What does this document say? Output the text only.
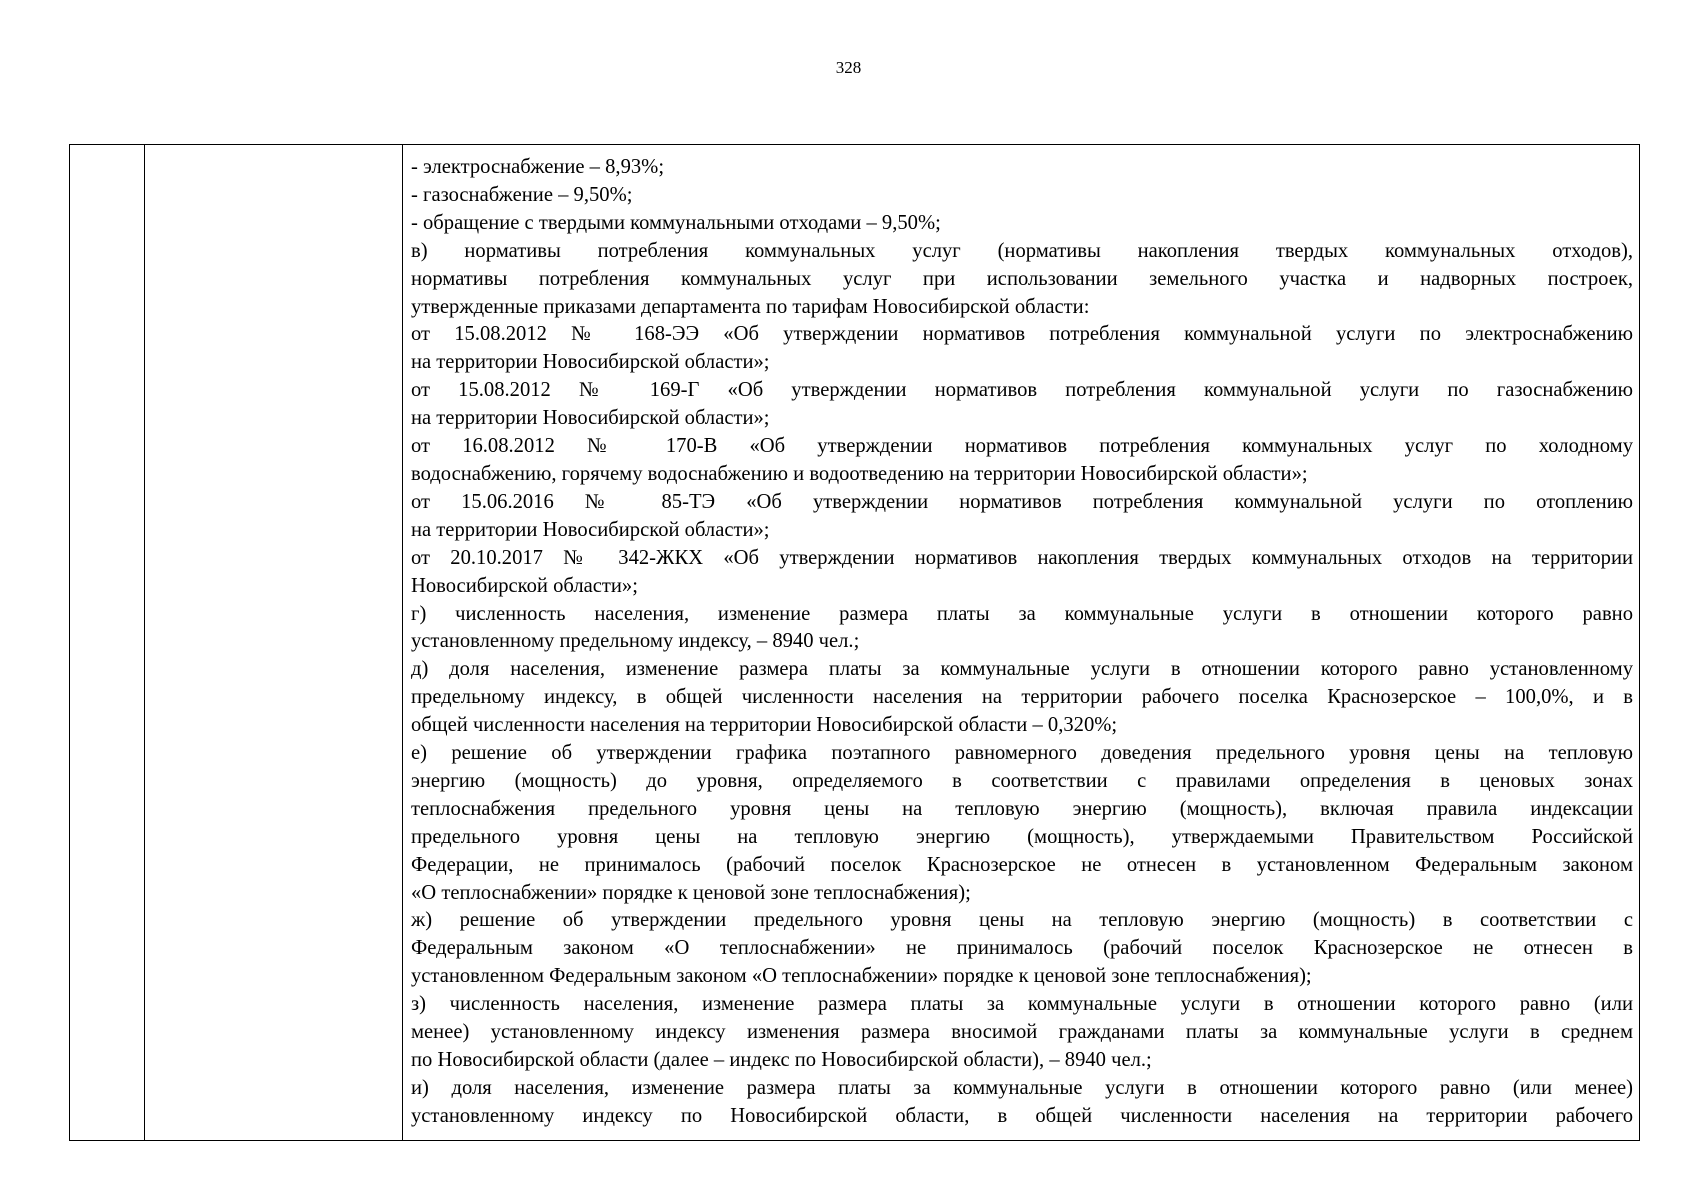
328

- электроснабжение – 8,93%;

- газоснабжение – 9,50%;

- обращение с твердыми коммунальными отходами – 9,50%;

в) нормативы потребления коммунальных услуг (нормативы накопления твердых коммунальных отходов),

нормативы потребления коммунальных услуг при использовании земельного участка и надворных построек,

утвержденные приказами департамента по тарифам Новосибирской области:

от 15.08.2012 № 168-ЭЭ «Об утверждении нормативов потребления коммунальной услуги по электроснабжению

на территории Новосибирской области»;

от 15.08.2012 № 169-Г «Об утверждении нормативов потребления коммунальной услуги по газоснабжению

на территории Новосибирской области»;

от 16.08.2012 № 170-В «Об утверждении нормативов потребления коммунальных услуг по холодному

водоснабжению, горячему водоснабжению и водоотведению на территории Новосибирской области»;

от 15.06.2016 № 85-ТЭ «Об утверждении нормативов потребления коммунальной услуги по отоплению

на территории Новосибирской области»;

от 20.10.2017 № 342-ЖКХ «Об утверждении нормативов накопления твердых коммунальных отходов на территории

Новосибирской области»;

г) численность населения, изменение размера платы за коммунальные услуги в отношении которого равно

установленному предельному индексу, – 8940 чел.;

д) доля населения, изменение размера платы за коммунальные услуги в отношении которого равно установленному

предельному индексу, в общей численности населения на территории рабочего поселка Краснозерское – 100,0%, и в

общей численности населения на территории Новосибирской области – 0,320%;

е) решение об утверждении графика поэтапного равномерного доведения предельного уровня цены на тепловую

энергию (мощность) до уровня, определяемого в соответствии с правилами определения в ценовых зонах

теплоснабжения предельного уровня цены на тепловую энергию (мощность), включая правила индексации

предельного уровня цены на тепловую энергию (мощность), утверждаемыми Правительством Российской

Федерации, не принималось (рабочий поселок Краснозерское не отнесен в установленном Федеральным законом

«О теплоснабжении» порядке к ценовой зоне теплоснабжения);

ж) решение об утверждении предельного уровня цены на тепловую энергию (мощность) в соответствии с

Федеральным законом «О теплоснабжении» не принималось (рабочий поселок Краснозерское не отнесен в

установленном Федеральным законом «О теплоснабжении» порядке к ценовой зоне теплоснабжения);

з) численность населения, изменение размера платы за коммунальные услуги в отношении которого равно (или

менее) установленному индексу изменения размера вносимой гражданами платы за коммунальные услуги в среднем

по Новосибирской области (далее – индекс по Новосибирской области), – 8940 чел.;

и) доля населения, изменение размера платы за коммунальные услуги в отношении которого равно (или менее)

установленному индексу по Новосибирской области, в общей численности населения на территории рабочего
